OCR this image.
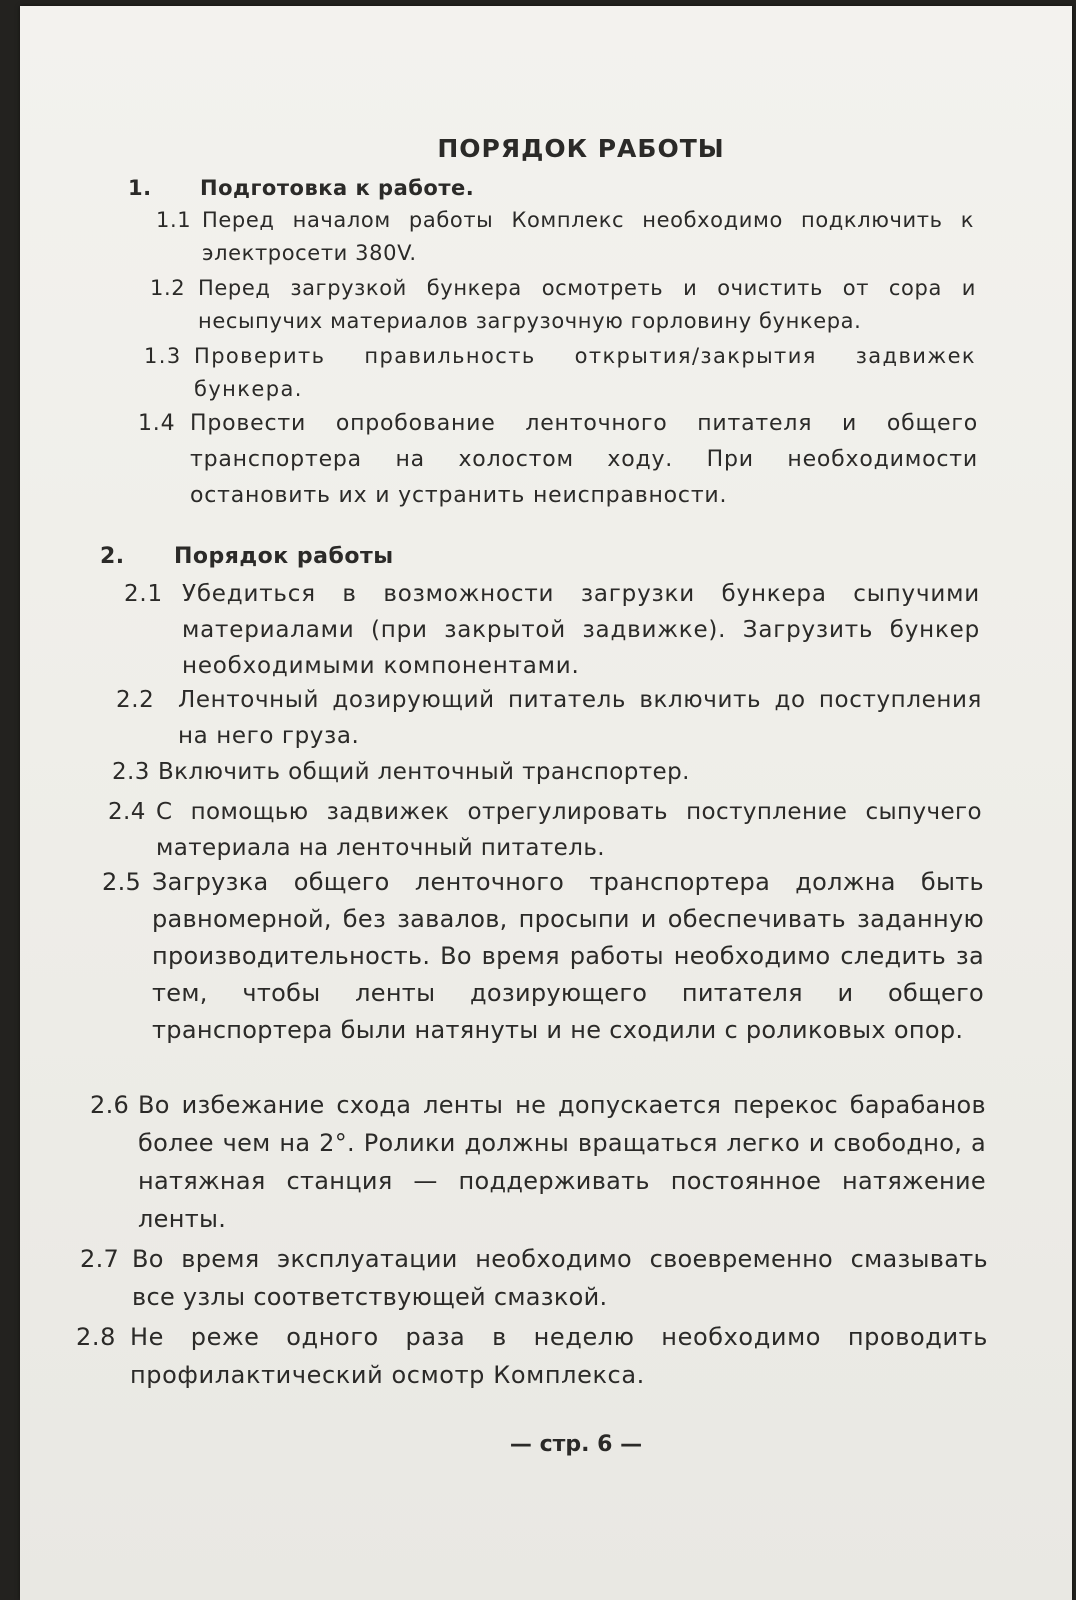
ПОРЯДОК РАБОТЫ
1.	Подготовка к работе.
1.1 Перед началом работы Комплекс необходимо подключить к электросети 380V.
1.2 Перед загрузкой бункера осмотреть и очистить от сора и несыпучих материалов загрузочную горловину бункера.
1.3 Проверить правильность открытия/закрытия задвижек бункера.
1.4 Провести опробование ленточного питателя и общего транспортера на холостом ходу. При необходимости остановить их и устранить неисправности.
2.	Порядок работы
2.1 Убедиться в возможности загрузки бункера сыпучими материалами (при закрытой задвижке). Загрузить бункер необходимыми компонентами.
2.2	Ленточный дозирующий питатель включить до поступления на него груза.
2.3 Включить общий ленточный транспортер.
2.4 С помощью задвижек отрегулировать поступление сыпучего материала на ленточный питатель.
2.5 Загрузка общего ленточного транспортера должна быть равномерной, без завалов, просыпи и обеспечивать заданную производительность. Во время работы необходимо следить за тем, чтобы ленты дозирующего питателя и общего транспортера были натянуты и не сходили с роликовых опор.
2.6 Во избежание схода ленты не допускается перекос барабанов более чем на 2°. Ролики должны вращаться легко и свободно, а натяжная станция — поддерживать постоянное натяжение ленты.
2.7 Во время эксплуатации необходимо своевременно смазывать все узлы соответствующей смазкой.
2.8 Не реже одного раза в неделю необходимо проводить профилактический осмотр Комплекса.
— стр. 6 —
